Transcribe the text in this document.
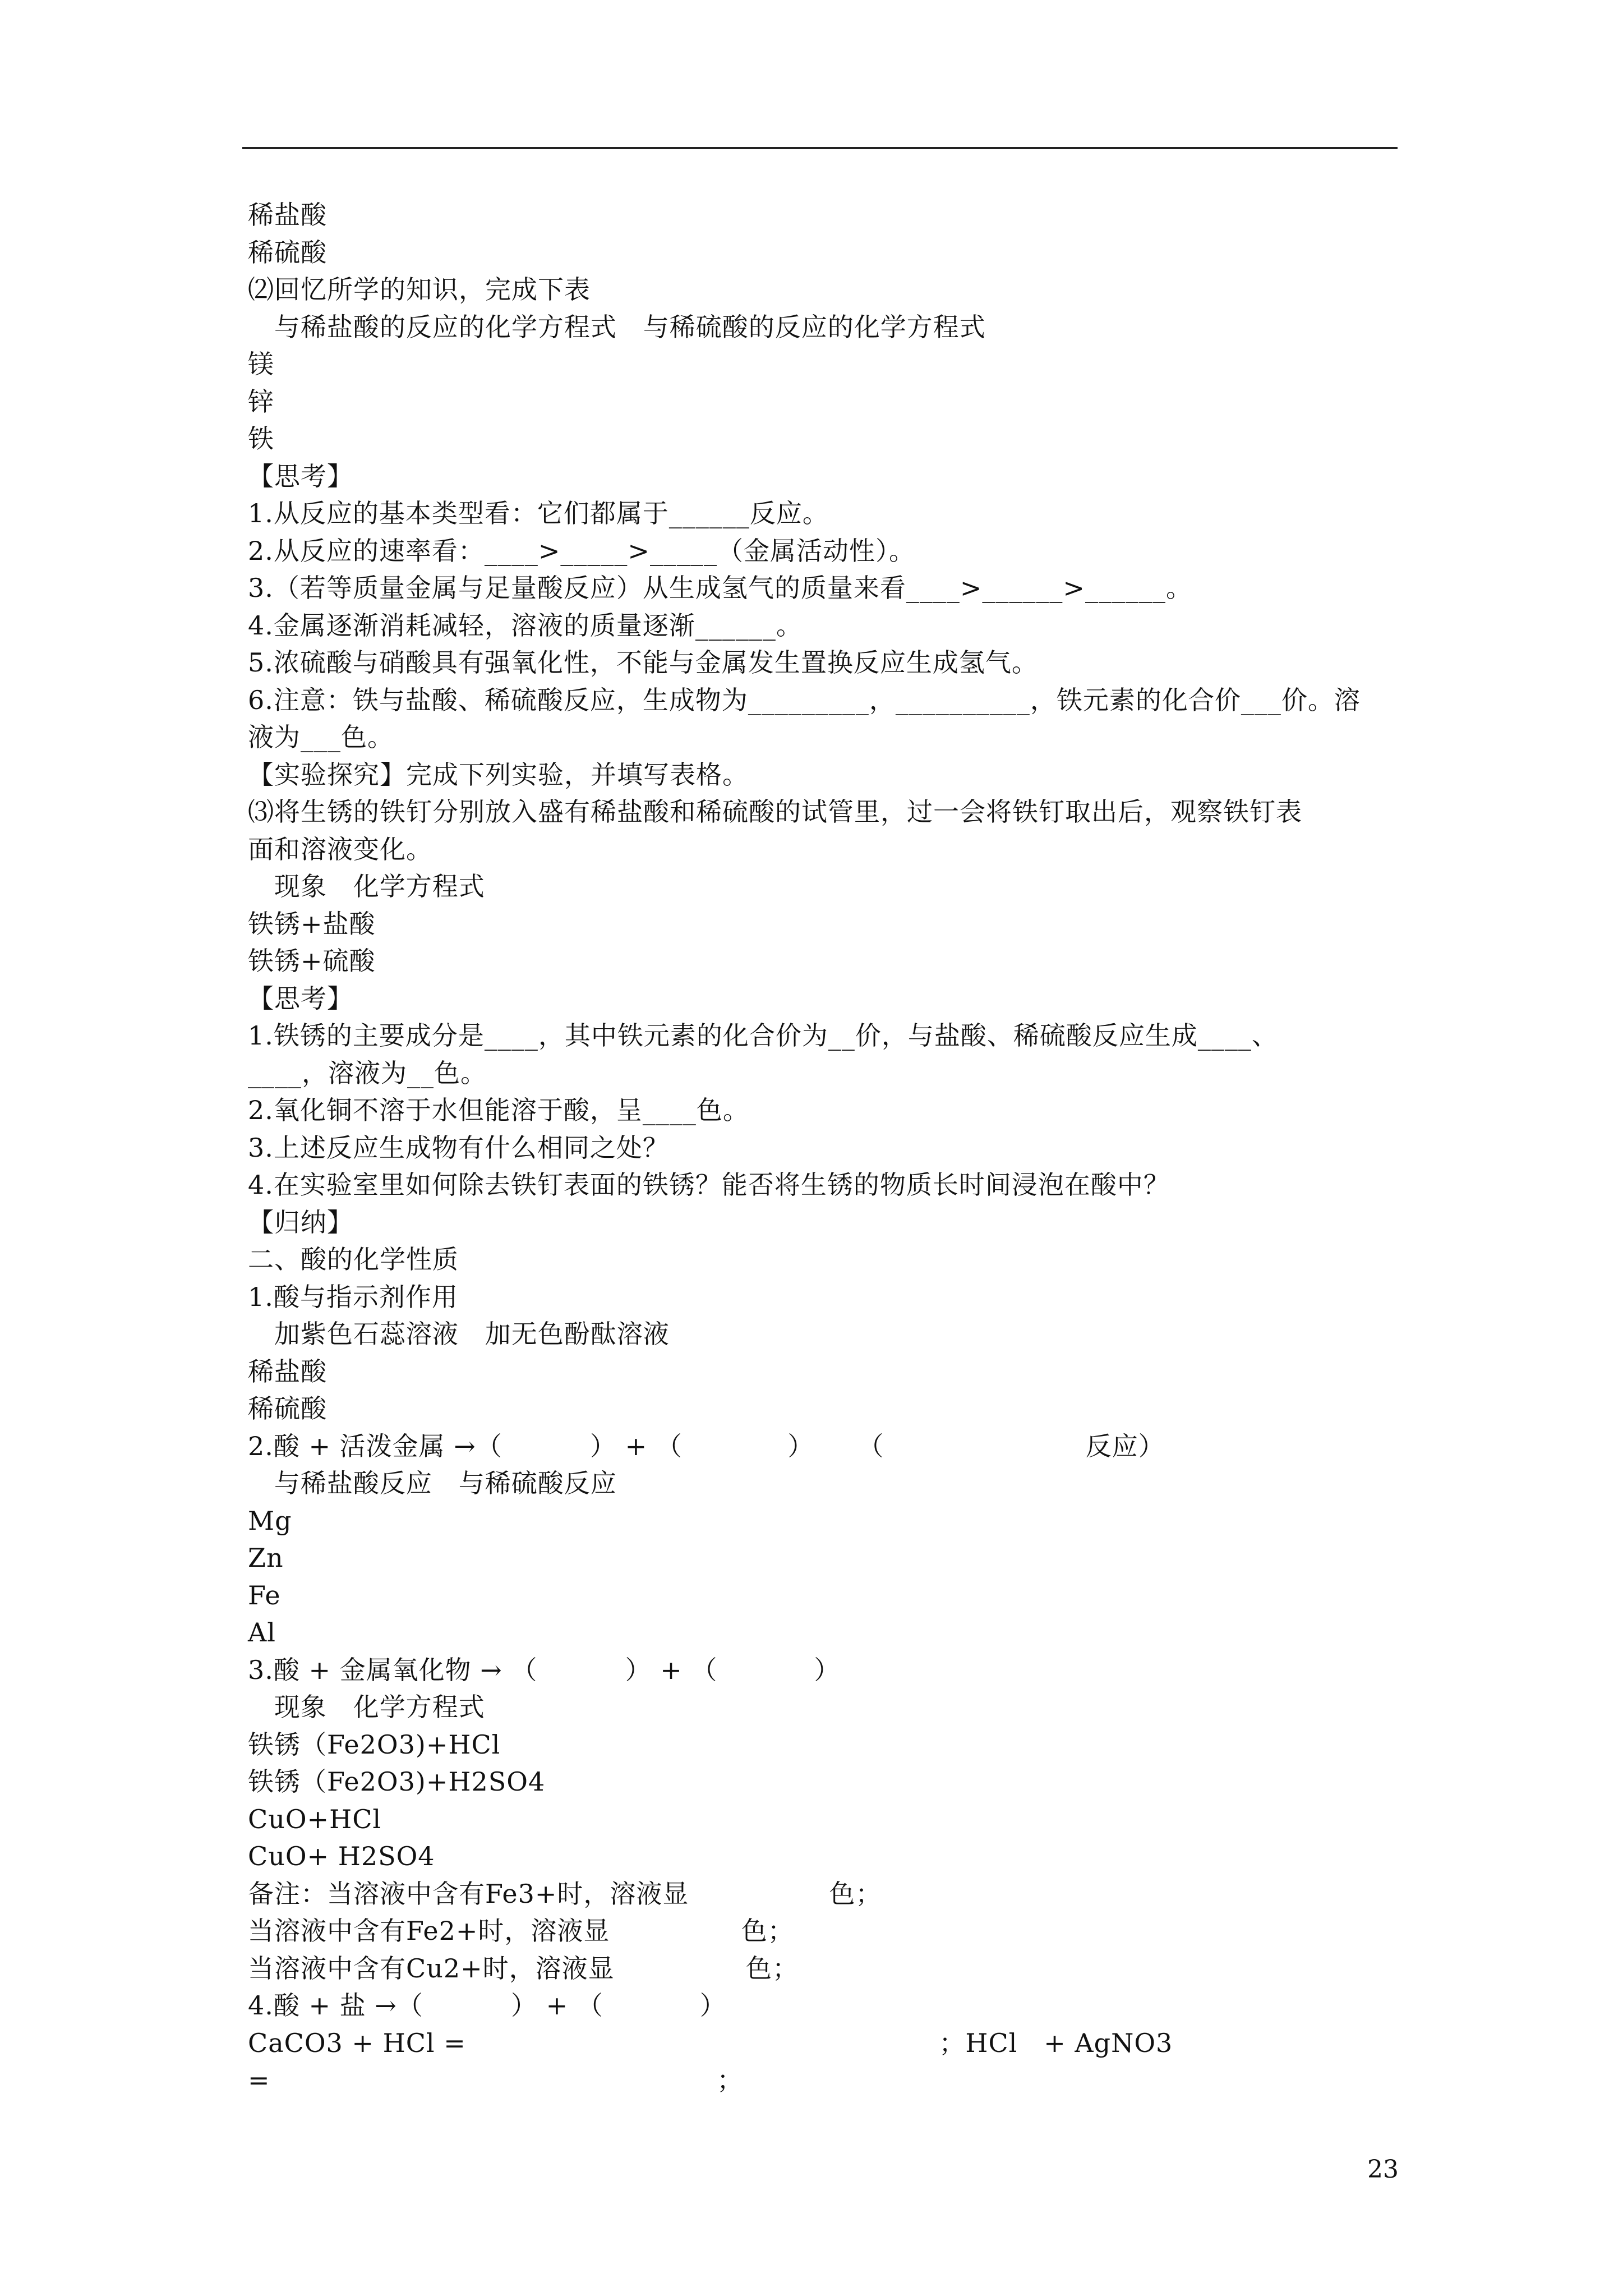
稀盐酸
稀硫酸
⑵回忆所学的知识，完成下表
与稀盐酸的反应的化学方程式   与稀硫酸的反应的化学方程式
镁
锌
铁
【思考】
1.从反应的基本类型看：它们都属于______反应。
2.从反应的速率看：____>_____>_____（金属活动性）。
3.（若等质量金属与足量酸反应）从生成氢气的质量来看____>______>______。
4.金属逐渐消耗减轻，溶液的质量逐渐______。
5.浓硫酸与硝酸具有强氧化性，不能与金属发生置换反应生成氢气。
6.注意：铁与盐酸、稀硫酸反应，生成物为_________，__________，铁元素的化合价___价。溶
液为___色。
【实验探究】完成下列实验，并填写表格。
⑶将生锈的铁钉分别放入盛有稀盐酸和稀硫酸的试管里，过一会将铁钉取出后，观察铁钉表
面和溶液变化。
现象   化学方程式
铁锈+盐酸
铁锈+硫酸
【思考】
1.铁锈的主要成分是____，其中铁元素的化合价为__价，与盐酸、稀硫酸反应生成____、
____，溶液为__色。
2.氧化铜不溶于水但能溶于酸，呈____色。
3.上述反应生成物有什么相同之处？
4.在实验室里如何除去铁钉表面的铁锈？能否将生锈的物质长时间浸泡在酸中？
【归纳】
二、酸的化学性质
1.酸与指示剂作用
加紫色石蕊溶液   加无色酚酞溶液
稀盐酸
稀硫酸
2.酸 + 活泼金属 →（          ） + （            ）     （                       反应）
与稀盐酸反应   与稀硫酸反应
Mg
Zn
Fe
Al
3.酸 + 金属氧化物 → （          ） + （           ）
现象   化学方程式
铁锈（Fe2O3)+HCl
铁锈（Fe2O3)+H2SO4
CuO+HCl
CuO+ H2SO4
备注：当溶液中含有Fe3+时，溶液显                色；
当溶液中含有Fe2+时，溶液显               色；
当溶液中含有Cu2+时，溶液显               色；
4.酸 + 盐 →（          ） + （           ）
CaCO3 + HCl =                                                      ；HCl   + AgNO3
=                                                   ；
23
